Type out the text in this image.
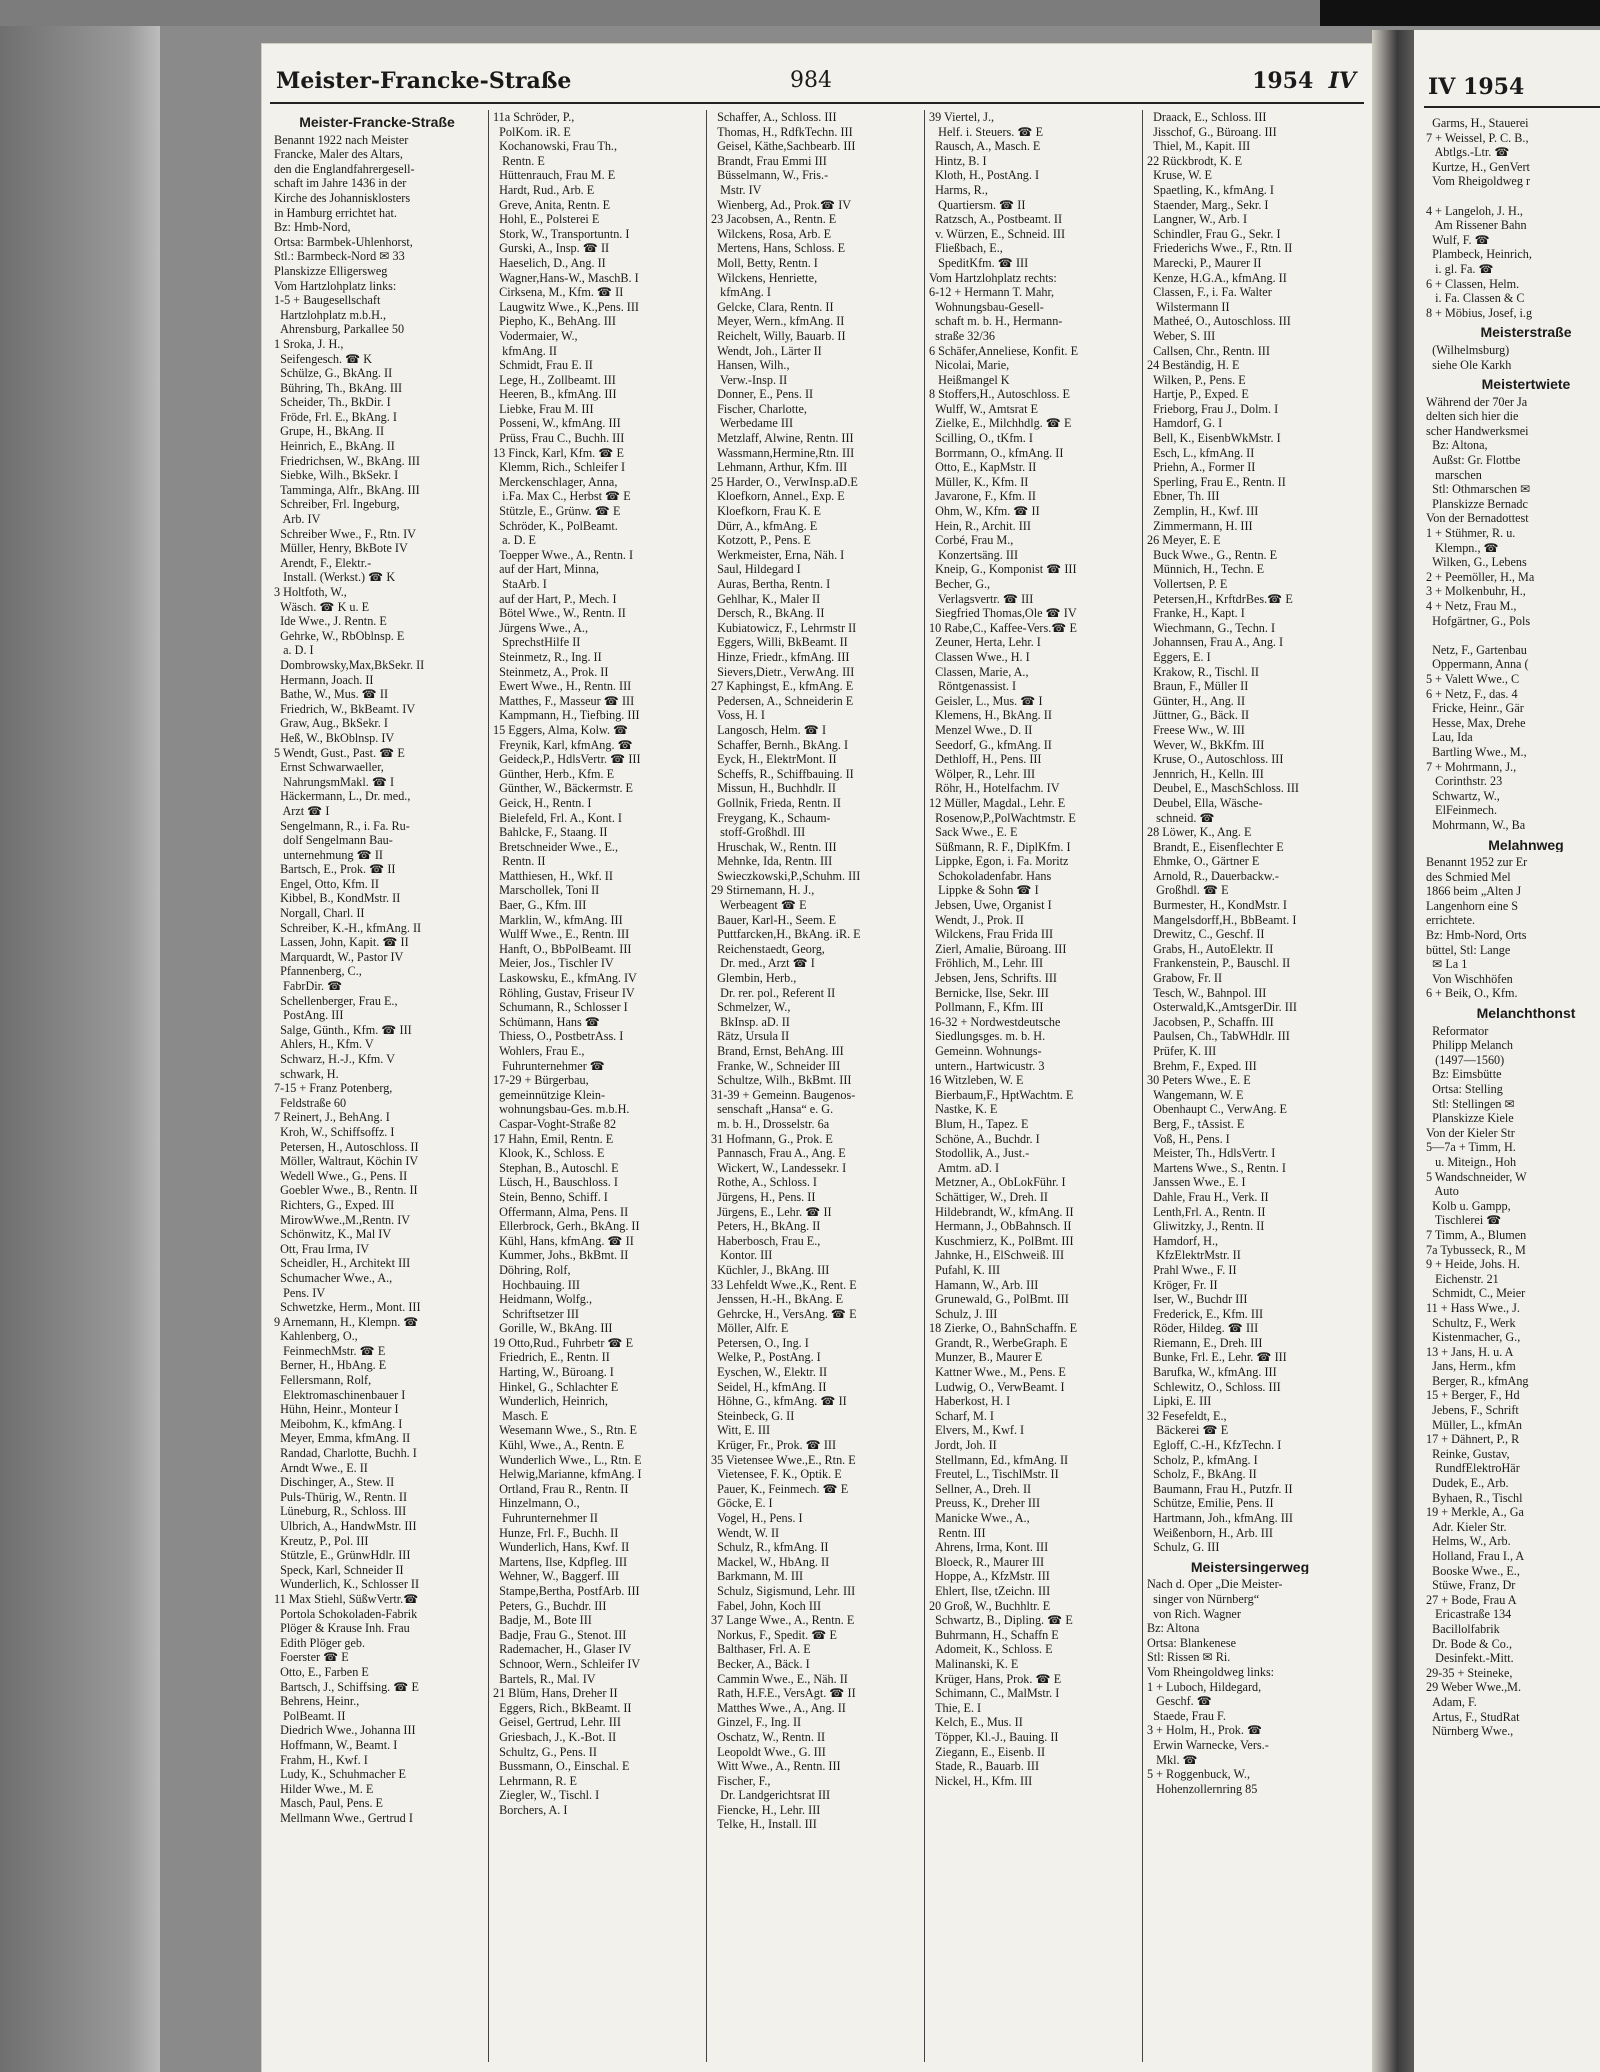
Meister-Francke-Straße	984	1954 IV
Meister-Francke-Straße
Benannt 1922 nach Meister
Francke, Maler des Altars,
den die Englandfahrergesell-
schaft im Jahre 1436 in der
Kirche des Johannisklosters
in Hamburg errichtet hat.
Bz: Hmb-Nord,
Ortsa: Barmbek-Uhlenhorst,
Stl.: Barmbeck-Nord ✉ 33
Planskizze Elligersweg
Vom Hartzlohplatz links:
1-5 + Baugesellschaft
Hartzlohplatz m.b.H.,
Ahrensburg, Parkallee 50
1 Sroka, J. H.,
Seifengesch. ☎ K
Schülze, G., BkAng. II
Bühring, Th., BkAng. III
Scheider, Th., BkDir. I
Fröde, Frl. E., BkAng. I
Grupe, H., BkAng. II
Heinrich, E., BkAng. II
Friedrichsen, W., BkAng. III
Siebke, Wilh., BkSekr. I
Tamminga, Alfr., BkAng. III
Schreiber, Frl. Ingeburg,
Arb. IV
Schreiber Wwe., F., Rtn. IV
Müller, Henry, BkBote IV
Arendt, F., Elektr.-
Install. (Werkst.) ☎ K
3 Holtfoth, W.,
Wäsch. ☎ K u. E
Ide Wwe., J. Rentn. E
Gehrke, W., RbOblnsp. E
a. D. I
Dombrowsky,Max,BkSekr. II
Hermann, Joach. II
Bathe, W., Mus. ☎ II
Friedrich, W., BkBeamt. IV
Graw, Aug., BkSekr. I
Heß, W., BkOblnsp. IV
5 Wendt, Gust., Past. ☎ E
Ernst Schwarwaeller,
NahrungsmMakl. ☎ I
Häckermann, L., Dr. med.,
Arzt ☎ I
Sengelmann, R., i. Fa. Ru-
dolf Sengelmann Bau-
unternehmung ☎ II
Bartsch, E., Prok. ☎ II
Engel, Otto, Kfm. II
Kibbel, B., KondMstr. II
Norgall, Charl. II
Schreiber, K.-H., kfmAng. II
Lassen, John, Kapit. ☎ II
Marquardt, W., Pastor IV
Pfannenberg, C.,
FabrDir. ☎
Schellenberger, Frau E.,
PostAng. III
Salge, Günth., Kfm. ☎ III
Ahlers, H., Kfm. V
Schwarz, H.-J., Kfm. V
schwark, H.
7-15 + Franz Potenberg,
Feldstraße 60
7 Reinert, J., BehAng. I
Kroh, W., Schiffsoffz. I
Petersen, H., Autoschloss. II
Möller, Waltraut, Köchin IV
Wedell Wwe., G., Pens. II
Goebler Wwe., B., Rentn. II
Richters, G., Exped. III
MirowWwe.,M.,Rentn. IV
Schönwitz, K., Mal IV
Ott, Frau Irma, IV
Scheidler, H., Architekt III
Schumacher Wwe., A.,
Pens. IV
Schwetzke, Herm., Mont. III
9 Arnemann, H., Klempn. ☎
Kahlenberg, O.,
FeinmechMstr. ☎ E
Berner, H., HbAng. E
Fellersmann, Rolf,
Elektromaschinenbauer I
Hühn, Heinr., Monteur I
Meibohm, K., kfmAng. I
Meyer, Emma, kfmAng. II
Randad, Charlotte, Buchh. I
Arndt Wwe., E. II
Dischinger, A., Stew. II
Puls-Thürig, W., Rentn. II
Lüneburg, R., Schloss. III
Ulbrich, A., HandwMstr. III
Kreutz, P., Pol. III
Stützle, E., GrünwHdlr. III
Speck, Karl, Schneider II
Wunderlich, K., Schlosser II
11 Max Stiehl, SüßwVertr.☎
Portola Schokoladen-Fabrik
Plöger & Krause Inh. Frau
Edith Plöger geb.
Foerster ☎ E
Otto, E., Farben E
Bartsch, J., Schiffsing. ☎ E
Behrens, Heinr.,
PolBeamt. II
Diedrich Wwe., Johanna III
Hoffmann, W., Beamt. I
Frahm, H., Kwf. I
Ludy, K., Schuhmacher E
Hilder Wwe., M. E
Masch, Paul, Pens. E
Mellmann Wwe., Gertrud I
11a Schröder, P.,
PolKom. iR. E
Kochanowski, Frau Th.,
Rentn. E
Hüttenrauch, Frau M. E
Hardt, Rud., Arb. E
Greve, Anita, Rentn. E
Hohl, E., Polsterei E
Stork, W., Transportuntn. I
Gurski, A., Insp. ☎ II
Haeselich, D., Ang. II
Wagner,Hans-W., MaschB. I
Cirksena, M., Kfm. ☎ II
Laugwitz Wwe., K.,Pens. III
Piepho, K., BehAng. III
Vodermaier, W.,
kfmAng. II
Schmidt, Frau E. II
Lege, H., Zollbeamt. III
Heeren, B., kfmAng. III
Liebke, Frau M. III
Posseni, W., kfmAng. III
Prüss, Frau C., Buchh. III
13 Finck, Karl, Kfm. ☎ E
Klemm, Rich., Schleifer I
Merckenschlager, Anna,
i.Fa. Max C., Herbst ☎ E
Stützle, E., Grünw. ☎ E
Schröder, K., PolBeamt.
a. D. E
Toepper Wwe., A., Rentn. I
auf der Hart, Minna,
StaArb. I
auf der Hart, P., Mech. I
Bötel Wwe., W., Rentn. II
Jürgens Wwe., A.,
SprechstHilfe II
Steinmetz, R., Ing. II
Steinmetz, A., Prok. II
Ewert Wwe., H., Rentn. III
Matthes, F., Masseur ☎ III
Kampmann, H., Tiefbing. III
15 Eggers, Alma, Kolw. ☎
Freynik, Karl, kfmAng. ☎
Geideck,P., HdlsVertr. ☎ III
Günther, Herb., Kfm. E
Günther, W., Bäckermstr. E
Geick, H., Rentn. I
Bielefeld, Frl. A., Kont. I
Bahlcke, F., Staang. II
Bretschneider Wwe., E.,
Rentn. II
Matthiesen, H., Wkf. II
Marschollek, Toni II
Baer, G., Kfm. III
Marklin, W., kfmAng. III
Wulff Wwe., E., Rentn. III
Hanft, O., BbPolBeamt. III
Meier, Jos., Tischler IV
Laskowsku, E., kfmAng. IV
Röhling, Gustav, Friseur IV
Schumann, R., Schlosser I
Schümann, Hans ☎
Thiess, O., PostbetrAss. I
Wohlers, Frau E.,
Fuhrunternehmer ☎
17-29 + Bürgerbau,
gemeinnützige Klein-
wohnungsbau-Ges. m.b.H.
Caspar-Voght-Straße 82
17 Hahn, Emil, Rentn. E
Klook, K., Schloss. E
Stephan, B., Autoschl. E
Lüsch, H., Bauschloss. I
Stein, Benno, Schiff. I
Offermann, Alma, Pens. II
Ellerbrock, Gerh., BkAng. II
Kühl, Hans, kfmAng. ☎ II
Kummer, Johs., BkBmt. II
Döhring, Rolf,
Hochbauing. III
Heidmann, Wolfg.,
Schriftsetzer III
Gorille, W., BkAng. III
19 Otto,Rud., Fuhrbetr ☎ E
Friedrich, E., Rentn. II
Harting, W., Büroang. I
Hinkel, G., Schlachter E
Wunderlich, Heinrich,
Masch. E
Wesemann Wwe., S., Rtn. E
Kühl, Wwe., A., Rentn. E
Wunderlich Wwe., L., Rtn. E
Helwig,Marianne, kfmAng. I
Ortland, Frau R., Rentn. II
Hinzelmann, O.,
Fuhrunternehmer II
Hunze, Frl. F., Buchh. II
Wunderlich, Hans, Kwf. II
Martens, Ilse, Kdpfleg. III
Wehner, W., Baggerf. III
Stampe,Bertha, PostfArb. III
Peters, G., Buchdr. III
Badje, M., Bote III
Badje, Frau G., Stenot. III
Rademacher, H., Glaser IV
Schnoor, Wern., Schleifer IV
Bartels, R., Mal. IV
21 Blüm, Hans, Dreher II
Eggers, Rich., BkBeamt. II
Geisel, Gertrud, Lehr. III
Griesbach, J., K.-Bot. II
Schultz, G., Pens. II
Bussmann, O., Einschal. E
Lehrmann, R. E
Ziegler, W., Tischl. I
Borchers, A. I
Schaffer, A., Schloss. III
Thomas, H., RdfkTechn. III
Geisel, Käthe,Sachbearb. III
Brandt, Frau Emmi III
Büsselmann, W., Fris.-
Mstr. IV
Wienberg, Ad., Prok.☎ IV
23 Jacobsen, A., Rentn. E
Wilckens, Rosa, Arb. E
Mertens, Hans, Schloss. E
Moll, Betty, Rentn. I
Wilckens, Henriette,
kfmAng. I
Gelcke, Clara, Rentn. II
Meyer, Wern., kfmAng. II
Reichelt, Willy, Bauarb. II
Wendt, Joh., Lärter II
Hansen, Wilh.,
Verw.-Insp. II
Donner, E., Pens. II
Fischer, Charlotte,
Werbedame III
Metzlaff, Alwine, Rentn. III
Wassmann,Hermine,Rtn. III
Lehmann, Arthur, Kfm. III
25 Harder, O., VerwInsp.aD.E
Kloefkorn, Annel., Exp. E
Kloefkorn, Frau K. E
Dürr, A., kfmAng. E
Kotzott, P., Pens. E
Werkmeister, Erna, Näh. I
Saul, Hildegard I
Auras, Bertha, Rentn. I
Gehlhar, K., Maler II
Dersch, R., BkAng. II
Kubiatowicz, F., Lehrmstr II
Eggers, Willi, BkBeamt. II
Hinze, Friedr., kfmAng. III
Sievers,Dietr., VerwAng. III
27 Kaphingst, E., kfmAng. E
Pedersen, A., Schneiderin E
Voss, H. I
Langosch, Helm. ☎ I
Schaffer, Bernh., BkAng. I
Eyck, H., ElektrMont. II
Scheffs, R., Schiffbauing. II
Missun, H., Buchhdlr. II
Gollnik, Frieda, Rentn. II
Freygang, K., Schaum-
stoff-Großhdl. III
Hruschak, W., Rentn. III
Mehnke, Ida, Rentn. III
Swieczkowski,P.,Schuhm. III
29 Stirnemann, H. J.,
Werbeagent ☎ E
Bauer, Karl-H., Seem. E
Puttfarcken,H., BkAng. iR. E
Reichenstaedt, Georg,
Dr. med., Arzt ☎ I
Glembin, Herb.,
Dr. rer. pol., Referent II
Schmelzer, W.,
BkInsp. aD. II
Rätz, Ursula II
Brand, Ernst, BehAng. III
Franke, W., Schneider III
Schultze, Wilh., BkBmt. III
31-39 + Gemeinn. Baugenos-
senschaft „Hansa“ e. G.
m. b. H., Drosselstr. 6a
31 Hofmann, G., Prok. E
Pannasch, Frau A., Ang. E
Wickert, W., Landessekr. I
Rothe, A., Schloss. I
Jürgens, H., Pens. II
Jürgens, E., Lehr. ☎ II
Peters, H., BkAng. II
Haberbosch, Frau E.,
Kontor. III
Küchler, J., BkAng. III
33 Lehfeldt Wwe.,K., Rent. E
Jenssen, H.-H., BkAng. E
Gehrcke, H., VersAng. ☎ E
Möller, Alfr. E
Petersen, O., Ing. I
Welke, P., PostAng. I
Eyschen, W., Elektr. II
Seidel, H., kfmAng. II
Höhne, G., kfmAng. ☎ II
Steinbeck, G. II
Witt, E. III
Krüger, Fr., Prok. ☎ III
35 Vietensee Wwe.,E., Rtn. E
Vietensee, F. K., Optik. E
Pauer, K., Feinmech. ☎ E
Göcke, E. I
Vogel, H., Pens. I
Wendt, W. II
Schulz, R., kfmAng. II
Mackel, W., HbAng. II
Barkmann, M. III
Schulz, Sigismund, Lehr. III
Fabel, John, Koch III
37 Lange Wwe., A., Rentn. E
Norkus, F., Spedit. ☎ E
Balthaser, Frl. A. E
Becker, A., Bäck. I
Cammin Wwe., E., Näh. II
Rath, H.F.E., VersAgt. ☎ II
Matthes Wwe., A., Ang. II
Ginzel, F., Ing. II
Oschatz, W., Rentn. II
Leopoldt Wwe., G. III
Witt Wwe., A., Rentn. III
Fischer, F.,
Dr. Landgerichtsrat III
Fiencke, H., Lehr. III
Telke, H., Install. III
39 Viertel, J.,
Helf. i. Steuers. ☎ E
Rausch, A., Masch. E
Hintz, B. I
Kloth, H., PostAng. I
Harms, R.,
Quartiersm. ☎ II
Ratzsch, A., Postbeamt. II
v. Würzen, E., Schneid. III
Fließbach, E.,
SpeditKfm. ☎ III
Vom Hartzlohplatz rechts:
6-12 + Hermann T. Mahr,
Wohnungsbau-Gesell-
schaft m. b. H., Hermann-
straße 32/36
6 Schäfer,Anneliese, Konfit. E
Nicolai, Marie,
Heißmangel K
8 Stoffers,H., Autoschloss. E
Wulff, W., Amtsrat E
Zielke, E., Milchhdlg. ☎ E
Scilling, O., tKfm. I
Borrmann, O., kfmAng. II
Otto, E., KapMstr. II
Müller, K., Kfm. II
Javarone, F., Kfm. II
Ohm, W., Kfm. ☎ II
Hein, R., Archit. III
Corbé, Frau M.,
Konzertsäng. III
Kneip, G., Komponist ☎ III
Becher, G.,
Verlagsvertr. ☎ III
Siegfried Thomas,Ole ☎ IV
10 Rabe,C., Kaffee-Vers.☎ E
Zeuner, Herta, Lehr. I
Classen Wwe., H. I
Classen, Marie, A.,
Röntgenassist. I
Geisler, L., Mus. ☎ I
Klemens, H., BkAng. II
Menzel Wwe., D. II
Seedorf, G., kfmAng. II
Dethloff, H., Pens. III
Wölper, R., Lehr. III
Röhr, H., Hotelfachm. IV
12 Müller, Magdal., Lehr. E
Rosenow,P.,PolWachtmstr. E
Sack Wwe., E. E
Süßmann, R. F., DiplKfm. I
Lippke, Egon, i. Fa. Moritz
Schokoladenfabr. Hans
Lippke & Sohn ☎ I
Jebsen, Uwe, Organist I
Wendt, J., Prok. II
Wilckens, Frau Frida III
Zierl, Amalie, Büroang. III
Fröhlich, M., Lehr. III
Jebsen, Jens, Schrifts. III
Bernicke, Ilse, Sekr. III
Pollmann, F., Kfm. III
16-32 + Nordwestdeutsche
Siedlungsges. m. b. H.
Gemeinn. Wohnungs-
untern., Hartwicustr. 3
16 Witzleben, W. E
Bierbaum,F., HptWachtm. E
Nastke, K. E
Blum, H., Tapez. E
Schöne, A., Buchdr. I
Stodollik, A., Just.-
Amtm. aD. I
Metzner, A., ObLokFühr. I
Schättiger, W., Dreh. II
Hildebrandt, W., kfmAng. II
Hermann, J., ObBahnsch. II
Kuschmierz, K., PolBmt. III
Jahnke, H., ElSchweiß. III
Pufahl, K. III
Hamann, W., Arb. III
Grunewald, G., PolBmt. III
Schulz, J. III
18 Zierke, O., BahnSchaffn. E
Grandt, R., WerbeGraph. E
Munzer, B., Maurer E
Kattner Wwe., M., Pens. E
Ludwig, O., VerwBeamt. I
Haberkost, H. I
Scharf, M. I
Elvers, M., Kwf. I
Jordt, Joh. II
Stellmann, Ed., kfmAng. II
Freutel, L., TischlMstr. II
Sellner, A., Dreh. II
Preuss, K., Dreher III
Manicke Wwe., A.,
Rentn. III
Ahrens, Irma, Kont. III
Bloeck, R., Maurer III
Hoppe, A., KfzMstr. III
Ehlert, Ilse, tZeichn. III
20 Groß, W., Buchhltr. E
Schwartz, B., Dipling. ☎ E
Buhrmann, H., Schaffn E
Adomeit, K., Schloss. E
Malinanski, K. E
Krüger, Hans, Prok. ☎ E
Schimann, C., MalMstr. I
Thie, E. I
Kelch, E., Mus. II
Töpper, Kl.-J., Bauing. II
Ziegann, E., Eisenb. II
Stade, R., Bauarb. III
Nickel, H., Kfm. III
Draack, E., Schloss. III
Jisschof, G., Büroang. III
Thiel, M., Kapit. III
22 Rückbrodt, K. E
Kruse, W. E
Spaetling, K., kfmAng. I
Staender, Marg., Sekr. I
Langner, W., Arb. I
Schindler, Frau G., Sekr. I
Friederichs Wwe., F., Rtn. II
Marecki, P., Maurer II
Kenze, H.G.A., kfmAng. II
Classen, F., i. Fa. Walter
Wilstermann II
Matheé, O., Autoschloss. III
Weber, S. III
Callsen, Chr., Rentn. III
24 Beständig, H. E
Wilken, P., Pens. E
Hartje, P., Exped. E
Frieborg, Frau J., Dolm. I
Hamdorf, G. I
Bell, K., EisenbWkMstr. I
Esch, L., kfmAng. II
Priehn, A., Former II
Sperling, Frau E., Rentn. II
Ebner, Th. III
Zemplin, H., Kwf. III
Zimmermann, H. III
26 Meyer, E. E
Buck Wwe., G., Rentn. E
Münnich, H., Techn. E
Vollertsen, P. E
Petersen,H., KrftdrBes.☎ E
Franke, H., Kapt. I
Wiechmann, G., Techn. I
Johannsen, Frau A., Ang. I
Eggers, E. I
Krakow, R., Tischl. II
Braun, F., Müller II
Günter, H., Ang. II
Jüttner, G., Bäck. II
Freese Ww., W. III
Wever, W., BkKfm. III
Kruse, O., Autoschloss. III
Jennrich, H., Kelln. III
Deubel, E., MaschSchloss. III
Deubel, Ella, Wäsche-
schneid. ☎
28 Löwer, K., Ang. E
Brandt, E., Eisenflechter E
Ehmke, O., Gärtner E
Arnold, R., Dauerbackw.-
Großhdl. ☎ E
Burmester, H., KondMstr. I
Mangelsdorff,H., BbBeamt. I
Drewitz, C., Geschf. II
Grabs, H., AutoElektr. II
Frankenstein, P., Bauschl. II
Grabow, Fr. II
Tesch, W., Bahnpol. III
Osterwald,K.,AmtsgerDir. III
Jacobsen, P., Schaffn. III
Paulsen, Ch., TabWHdlr. III
Prüfer, K. III
Brehm, F., Exped. III
30 Peters Wwe., E. E
Wangemann, W. E
Obenhaupt C., VerwAng. E
Berg, F., tAssist. E
Voß, H., Pens. I
Meister, Th., HdlsVertr. I
Martens Wwe., S., Rentn. I
Janssen Wwe., E. I
Dahle, Frau H., Verk. II
Lenth,Frl. A., Rentn. II
Gliwitzky, J., Rentn. II
Hamdorf, H.,
KfzElektrMstr. II
Prahl Wwe., F. II
Kröger, Fr. II
Iser, W., Buchdr III
Frederick, E., Kfm. III
Röder, Hildeg. ☎ III
Riemann, E., Dreh. III
Bunke, Frl. E., Lehr. ☎ III
Barufka, W., kfmAng. III
Schlewitz, O., Schloss. III
Lipki, E. III
32 Fesefeldt, E.,
Bäckerei ☎ E
Egloff, C.-H., KfzTechn. I
Scholz, P., kfmAng. I
Scholz, F., BkAng. II
Baumann, Frau H., Putzfr. II
Schütze, Emilie, Pens. II
Hartmann, Joh., kfmAng. III
Weißenborn, H., Arb. III
Schulz, G. III
Meistersingerweg
Nach d. Oper „Die Meister-
singer von Nürnberg“
von Rich. Wagner
Bz: Altona
Ortsa: Blankenese
Stl: Rissen ✉ Ri.
Vom Rheingoldweg links:
1 + Luboch, Hildegard,
Geschf. ☎
Staede, Frau F.
3 + Holm, H., Prok. ☎
Erwin Warnecke, Vers.-
Mkl. ☎
5 + Roggenbuck, W.,
Hohenzollernring 85
IV 1954
Garms, H., Stauerei
7 + Weissel, P. C. B.,
Abtlgs.-Ltr. ☎
Kurtze, H., GenVert
Vom Rheigoldweg r

4 + Langeloh, J. H.,
Am Rissener Bahn
Wulf, F. ☎
Plambeck, Heinrich,
i. gl. Fa. ☎
6 + Classen, Helm.
i. Fa. Classen & C
8 + Möbius, Josef, i.g
Meisterstraße
(Wilhelmsburg)
siehe Ole Karkh
Meistertwiete
Während der 70er Ja
delten sich hier die
scher Handwerksmei
Bz: Altona,
Außst: Gr. Flottbe
marschen
Stl: Othmarschen ✉
Planskizze Bernadc
Von der Bernadottest
1 + Stühmer, R. u.
Klempn., ☎
Wilken, G., Lebens
2 + Peemöller, H., Ma
3 + Molkenbuhr, H.,
4 + Netz, Frau M.,
Hofgärtner, G., Pols

Netz, F., Gartenbau
Oppermann, Anna (
5 + Valett Wwe., C
6 + Netz, F., das. 4
Fricke, Heinr., Gär
Hesse, Max, Drehe
Lau, Ida
Bartling Wwe., M.,
7 + Mohrmann, J.,
Corinthstr. 23
Schwartz, W.,
ElFeinmech.
Mohrmann, W., Ba
Melahnweg
Benannt 1952 zur Er
des Schmied Mel
1866 beim „Alten J
Langenhorn eine S
errichtete.
Bz: Hmb-Nord, Orts
büttel, Stl: Lange
✉ La 1
Von Wischhöfen
6 + Beik, O., Kfm.
Melanchthonst
Reformator
Philipp Melanch
(1497—1560)
Bz: Eimsbütte
Ortsa: Stelling
Stl: Stellingen ✉
Planskizze Kiele
Von der Kieler Str
5—7a + Timm, H.
u. Miteign., Hoh
5 Wandschneider, W
Auto
Kolb u. Gampp,
Tischlerei ☎
7 Timm, A., Blumen
7a Tybusseck, R., M
9 + Heide, Johs. H.
Eichenstr. 21
Schmidt, C., Meier
11 + Hass Wwe., J.
Schultz, F., Werk
Kistenmacher, G.,
13 + Jans, H. u. A
Jans, Herm., kfm
Berger, R., kfmAng
15 + Berger, F., Hd
Jebens, F., Schrift
Müller, L., kfmAn
17 + Dähnert, P., R
Reinke, Gustav,
RundfElektroHär
Dudek, E., Arb.
Byhaen, R., Tischl
19 + Merkle, A., Ga
Adr. Kieler Str.
Helms, W., Arb.
Holland, Frau I., A
Booske Wwe., E.,
Stüwe, Franz, Dr
27 + Bode, Frau A
Ericastraße 134
Bacillolfabrik
Dr. Bode & Co.,
Desinfekt.-Mitt.
29-35 + Steineke,
29 Weber Wwe.,M.
Adam, F.
Artus, F., StudRat
Nürnberg Wwe.,
